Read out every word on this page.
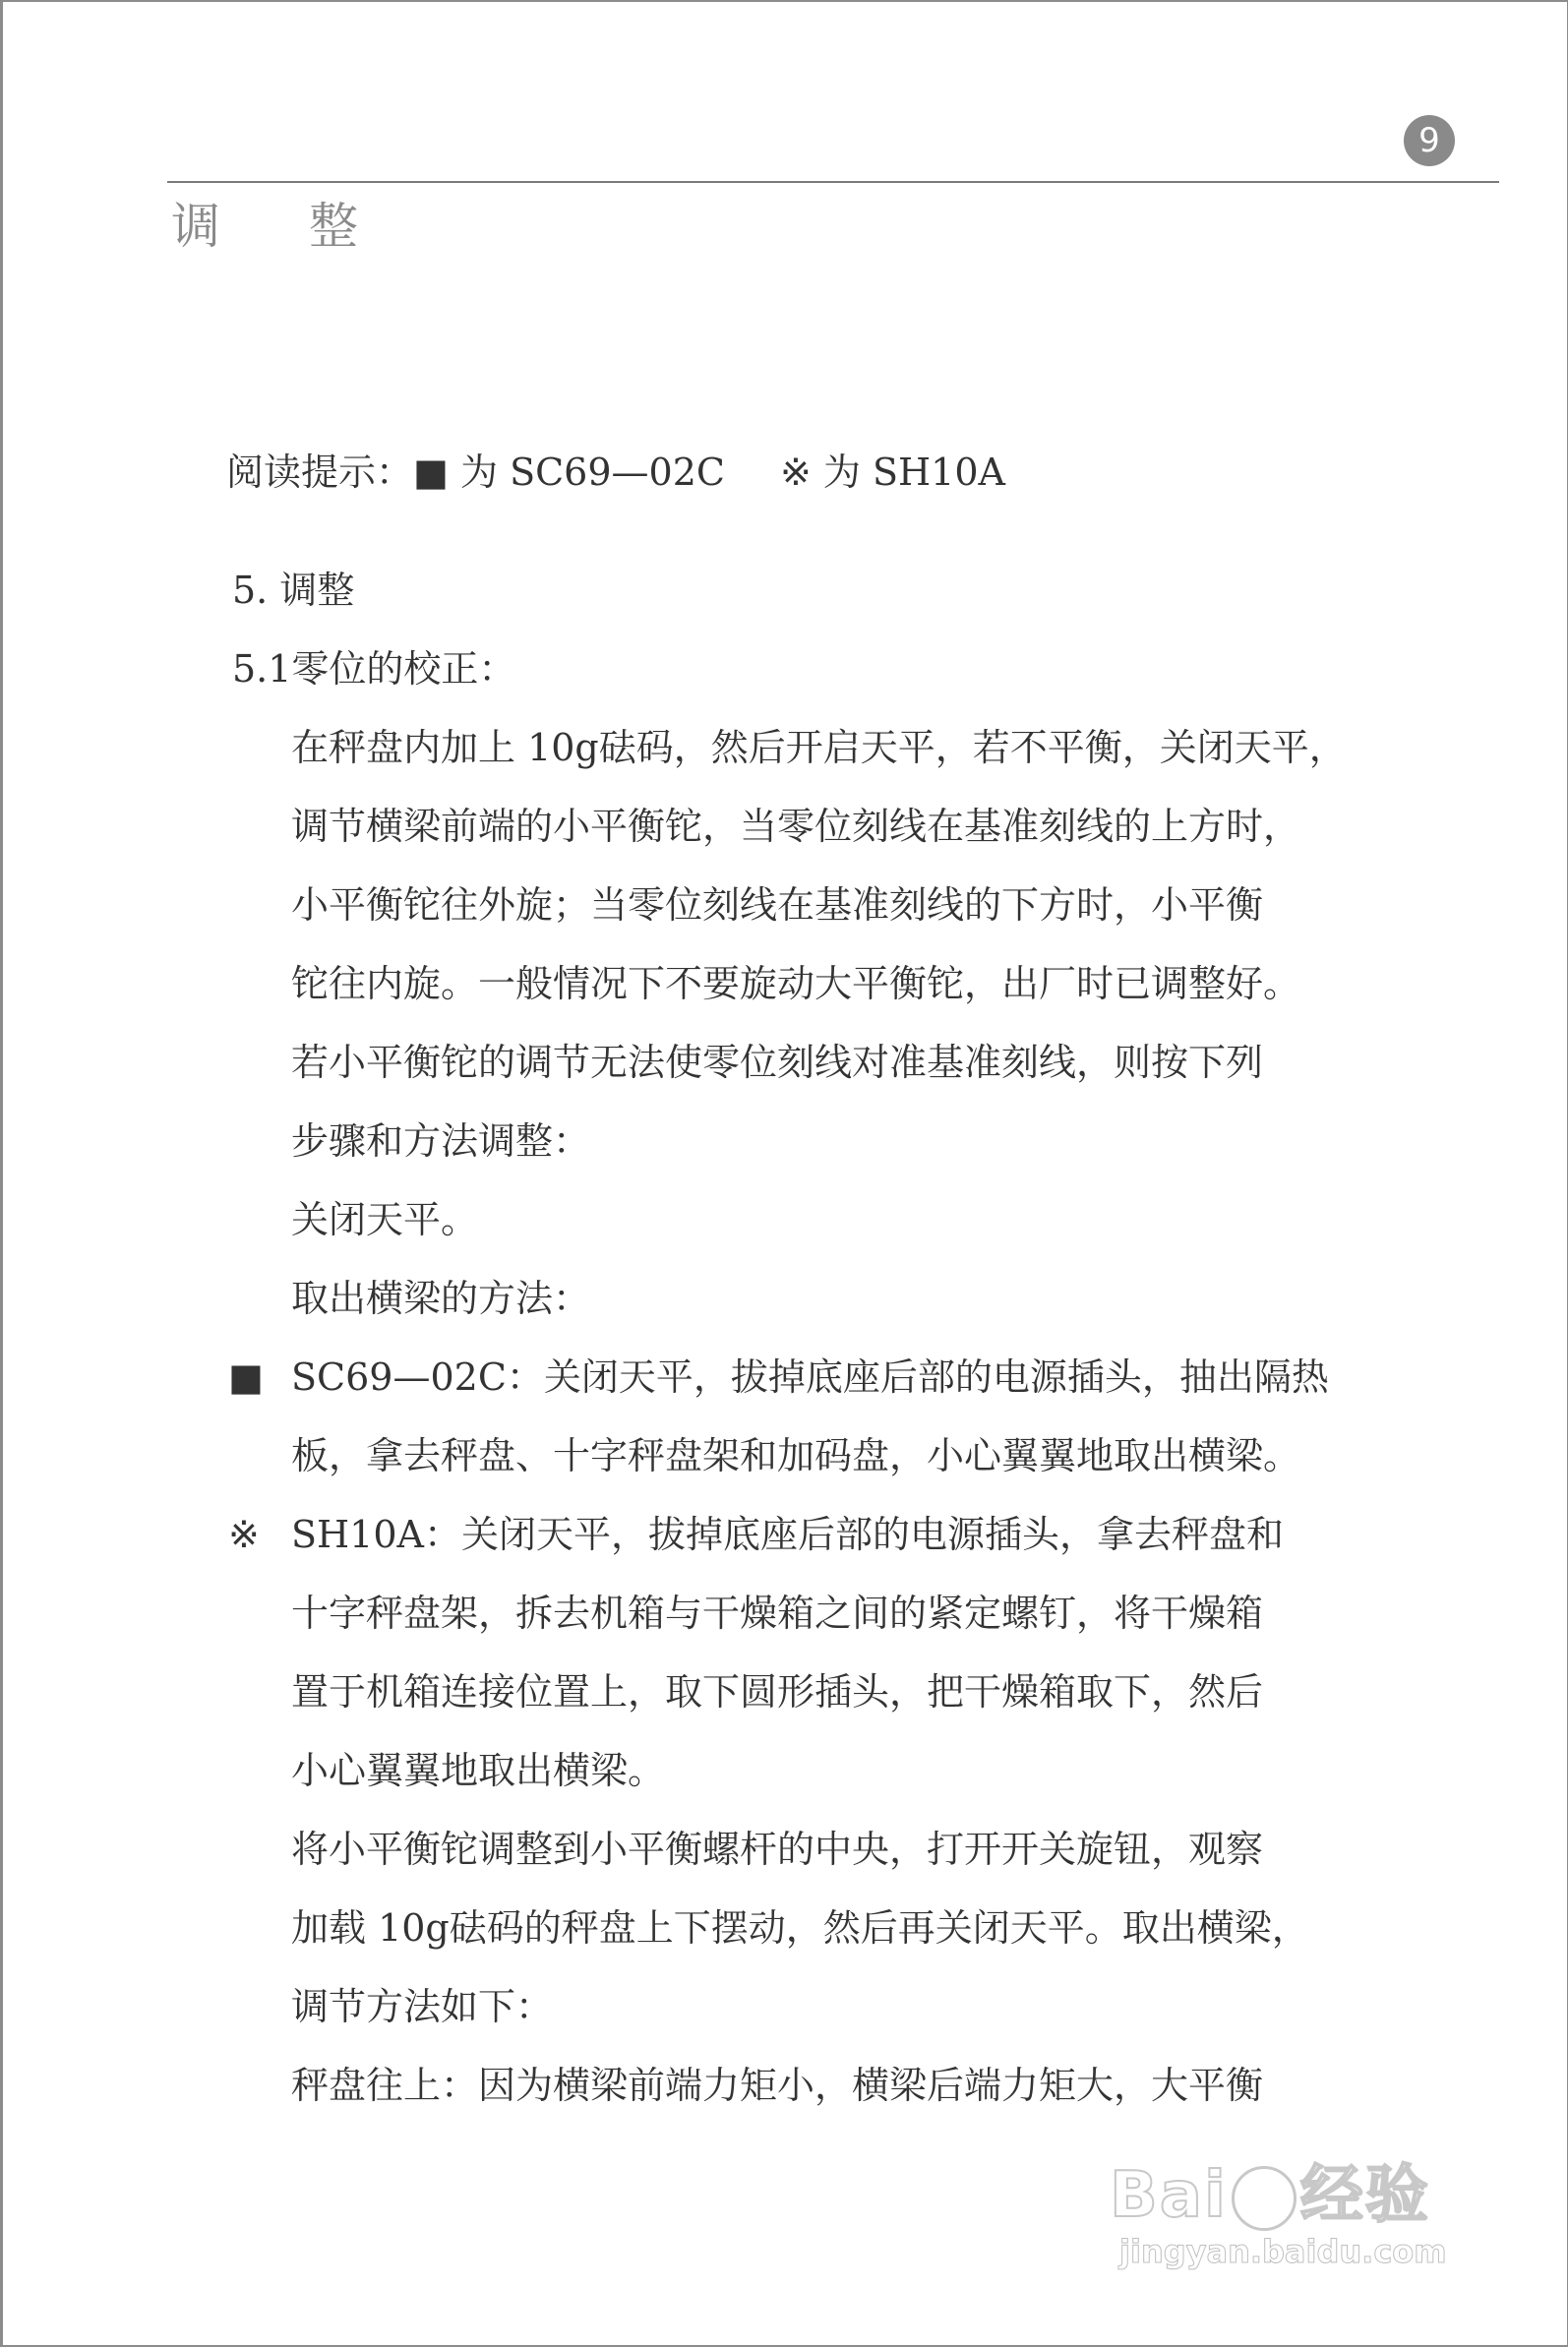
9
调整
阅读提示：■ 为 SC69—02C ※ 为 SH10A
5. 调整
5.1零位的校正：
在秤盘内加上 10g砝码，然后开启天平，若不平衡，关闭天平，
调节横梁前端的小平衡铊，当零位刻线在基准刻线的上方时，
小平衡铊往外旋；当零位刻线在基准刻线的下方时，小平衡
铊往内旋。一般情况下不要旋动大平衡铊，出厂时已调整好。
若小平衡铊的调节无法使零位刻线对准基准刻线，则按下列
步骤和方法调整：
关闭天平。
取出横梁的方法：
■ SC69—02C：关闭天平，拔掉底座后部的电源插头，抽出隔热
板，拿去秤盘、十字秤盘架和加码盘，小心翼翼地取出横梁。
※ SH10A：关闭天平，拔掉底座后部的电源插头，拿去秤盘和
十字秤盘架，拆去机箱与干燥箱之间的紧定螺钉，将干燥箱
置于机箱连接位置上，取下圆形插头，把干燥箱取下，然后
小心翼翼地取出横梁。
将小平衡铊调整到小平衡螺杆的中央，打开开关旋钮，观察
加载 10g砝码的秤盘上下摆动，然后再关闭天平。取出横梁，
调节方法如下：
秤盘往上：因为横梁前端力矩小，横梁后端力矩大，大平衡
Bai 经验
jingyan.baidu.com
